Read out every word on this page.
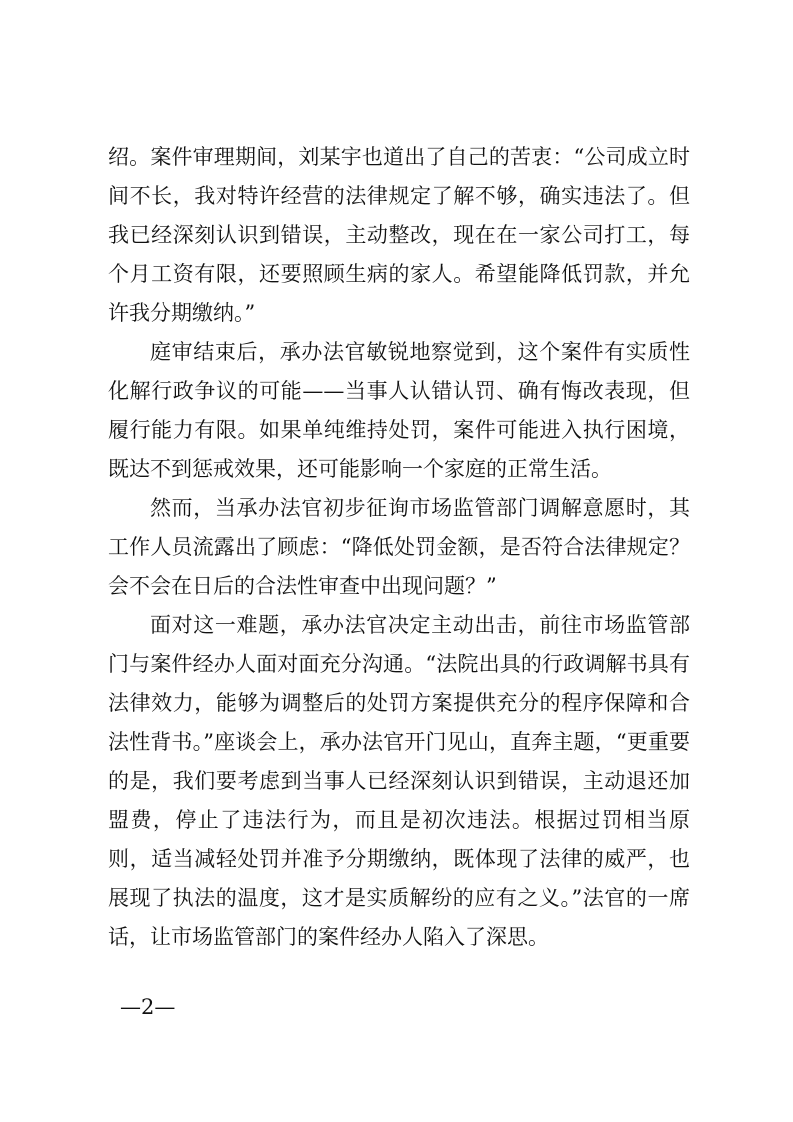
绍。案件审理期间，刘某宇也道出了自己的苦衷：“公司成立时间不长，我对特许经营的法律规定了解不够，确实违法了。但我已经深刻认识到错误，主动整改，现在在一家公司打工，每个月工资有限，还要照顾生病的家人。希望能降低罚款，并允许我分期缴纳。”

庭审结束后，承办法官敏锐地察觉到，这个案件有实质性化解行政争议的可能——当事人认错认罚、确有悔改表现，但履行能力有限。如果单纯维持处罚，案件可能进入执行困境，既达不到惩戒效果，还可能影响一个家庭的正常生活。

然而，当承办法官初步征询市场监管部门调解意愿时，其工作人员流露出了顾虑：“降低处罚金额，是否符合法律规定？会不会在日后的合法性审查中出现问题？”

面对这一难题，承办法官决定主动出击，前往市场监管部门与案件经办人面对面充分沟通。“法院出具的行政调解书具有法律效力，能够为调整后的处罚方案提供充分的程序保障和合法性背书。”座谈会上，承办法官开门见山，直奔主题，“更重要的是，我们要考虑到当事人已经深刻认识到错误，主动退还加盟费，停止了违法行为，而且是初次违法。根据过罚相当原则，适当减轻处罚并准予分期缴纳，既体现了法律的威严，也展现了执法的温度，这才是实质解纷的应有之义。”法官的一席话，让市场监管部门的案件经办人陷入了深思。

—2—
